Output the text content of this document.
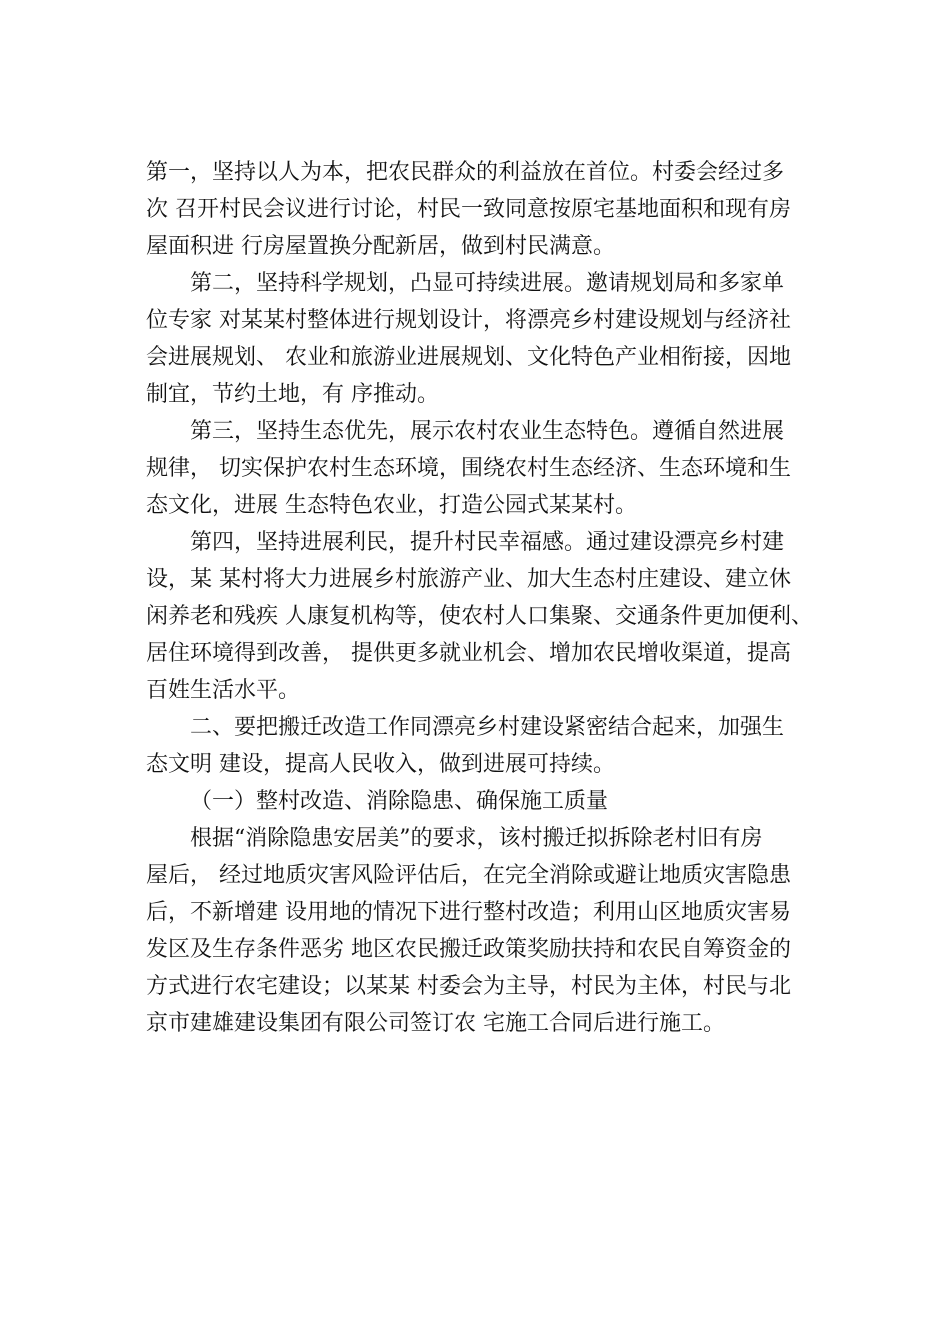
第一，坚持以人为本，把农民群众的利益放在首位。村委会经过多
次 召开村民会议进行讨论，村民一致同意按原宅基地面积和现有房
屋面积进 行房屋置换分配新居，做到村民满意。
第二，坚持科学规划，凸显可持续进展。邀请规划局和多家单
位专家 对某某村整体进行规划设计，将漂亮乡村建设规划与经济社
会进展规划、 农业和旅游业进展规划、文化特色产业相衔接，因地
制宜，节约土地，有 序推动。
第三，坚持生态优先，展示农村农业生态特色。遵循自然进展
规律， 切实保护农村生态环境，围绕农村生态经济、生态环境和生
态文化，进展 生态特色农业，打造公园式某某村。
第四，坚持进展利民，提升村民幸福感。通过建设漂亮乡村建
设，某 某村将大力进展乡村旅游产业、加大生态村庄建设、建立休
闲养老和残疾 人康复机构等，使农村人口集聚、交通条件更加便利、
居住环境得到改善， 提供更多就业机会、增加农民增收渠道，提高
百姓生活水平。
二、要把搬迁改造工作同漂亮乡村建设紧密结合起来，加强生
态文明 建设，提高人民收入，做到进展可持续。
（一）整村改造、消除隐患、确保施工质量
根据“消除隐患安居美”的要求，该村搬迁拟拆除老村旧有房
屋后， 经过地质灾害风险评估后，在完全消除或避让地质灾害隐患
后，不新增建 设用地的情况下进行整村改造；利用山区地质灾害易
发区及生存条件恶劣 地区农民搬迁政策奖励扶持和农民自筹资金的
方式进行农宅建设；以某某 村委会为主导，村民为主体，村民与北
京市建雄建设集团有限公司签订农 宅施工合同后进行施工。
